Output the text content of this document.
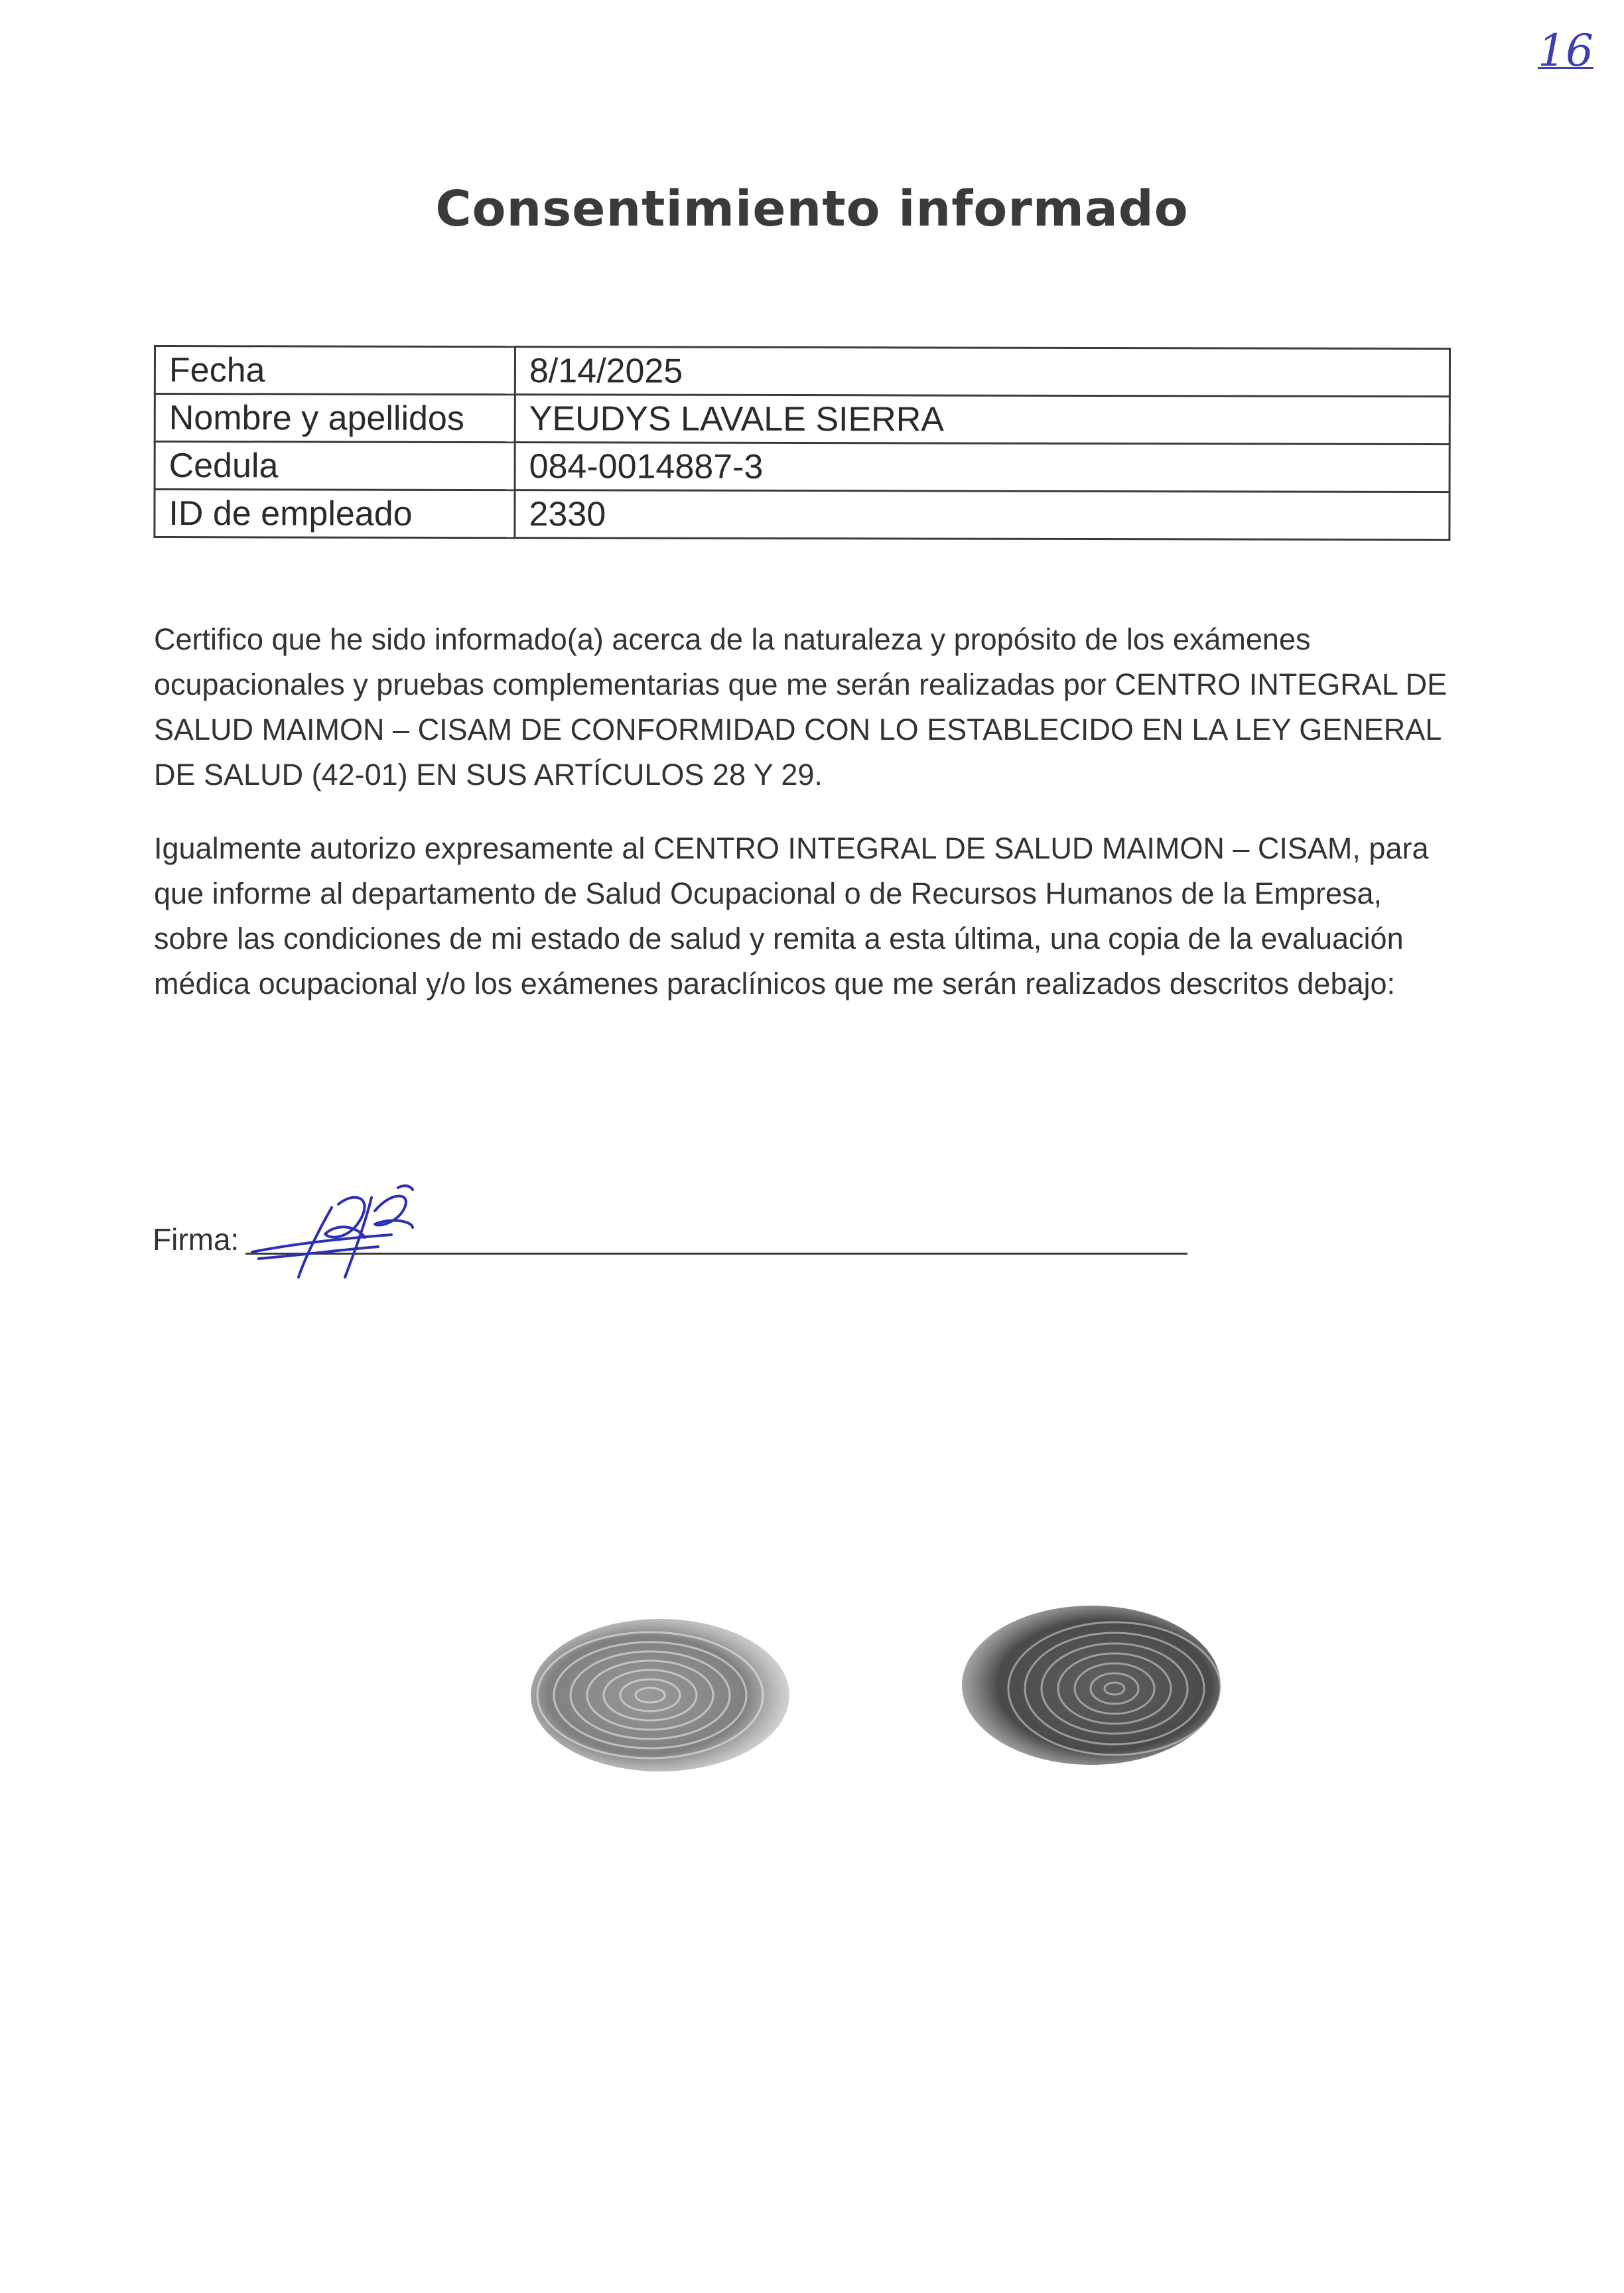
16
Consentimiento informado
Fecha	8/14/2025
Nombre y apellidos	YEUDYS LAVALE SIERRA
Cedula	084-0014887-3
ID de empleado	2330

Certifico que he sido informado(a) acerca de la naturaleza y propósito de los exámenes ocupacionales y pruebas complementarias que me serán realizadas por CENTRO INTEGRAL DE SALUD MAIMON – CISAM DE CONFORMIDAD CON LO ESTABLECIDO EN LA LEY GENERAL DE SALUD (42-01) EN SUS ARTÍCULOS 28 Y 29.

Igualmente autorizo expresamente al CENTRO INTEGRAL DE SALUD MAIMON – CISAM, para que informe al departamento de Salud Ocupacional o de Recursos Humanos de la Empresa, sobre las condiciones de mi estado de salud y remita a esta última, una copia de la evaluación médica ocupacional y/o los exámenes paraclínicos que me serán realizados descritos debajo:

Firma:
